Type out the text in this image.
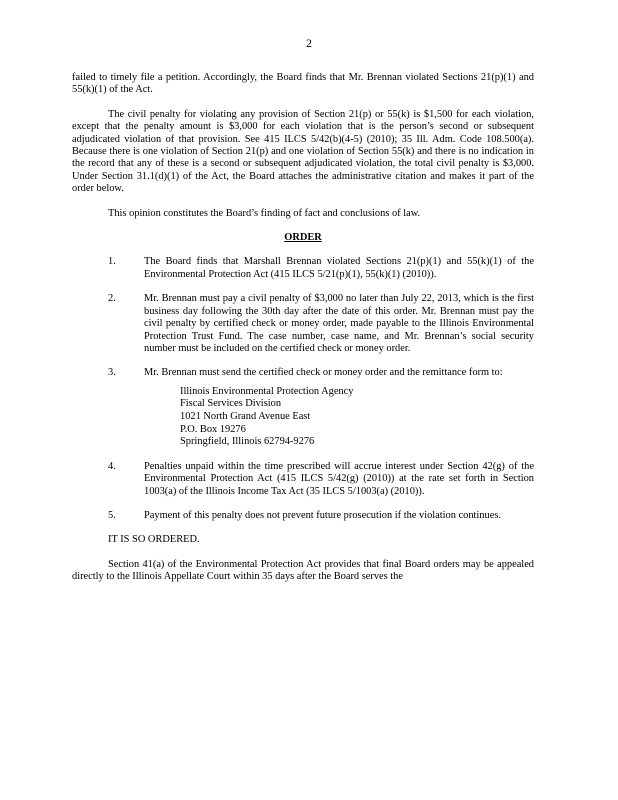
2

failed to timely file a petition. Accordingly, the Board finds that Mr. Brennan violated Sections 21(p)(1) and 55(k)(1) of the Act.

The civil penalty for violating any provision of Section 21(p) or 55(k) is $1,500 for each violation, except that the penalty amount is $3,000 for each violation that is the person’s second or subsequent adjudicated violation of that provision. See 415 ILCS 5/42(b)(4-5) (2010); 35 Ill. Adm. Code 108.500(a). Because there is one violation of Section 21(p) and one violation of Section 55(k) and there is no indication in the record that any of these is a second or subsequent adjudicated violation, the total civil penalty is $3,000. Under Section 31.1(d)(1) of the Act, the Board attaches the administrative citation and makes it part of the order below.

This opinion constitutes the Board’s finding of fact and conclusions of law.

ORDER
1.	The Board finds that Marshall Brennan violated Sections 21(p)(1) and 55(k)(1) of the Environmental Protection Act (415 ILCS 5/21(p)(1), 55(k)(1) (2010)).
2.	Mr. Brennan must pay a civil penalty of $3,000 no later than July 22, 2013, which is the first business day following the 30th day after the date of this order. Mr. Brennan must pay the civil penalty by certified check or money order, made payable to the Illinois Environmental Protection Trust Fund. The case number, case name, and Mr. Brennan’s social security number must be included on the certified check or money order.
3.	Mr. Brennan must send the certified check or money order and the remittance form to:
Illinois Environmental Protection Agency
Fiscal Services Division
1021 North Grand Avenue East
P.O. Box 19276
Springfield, Illinois 62794-9276
4.	Penalties unpaid within the time prescribed will accrue interest under Section 42(g) of the Environmental Protection Act (415 ILCS 5/42(g) (2010)) at the rate set forth in Section 1003(a) of the Illinois Income Tax Act (35 ILCS 5/1003(a) (2010)).
5.	Payment of this penalty does not prevent future prosecution if the violation continues.

IT IS SO ORDERED.

Section 41(a) of the Environmental Protection Act provides that final Board orders may be appealed directly to the Illinois Appellate Court within 35 days after the Board serves the
